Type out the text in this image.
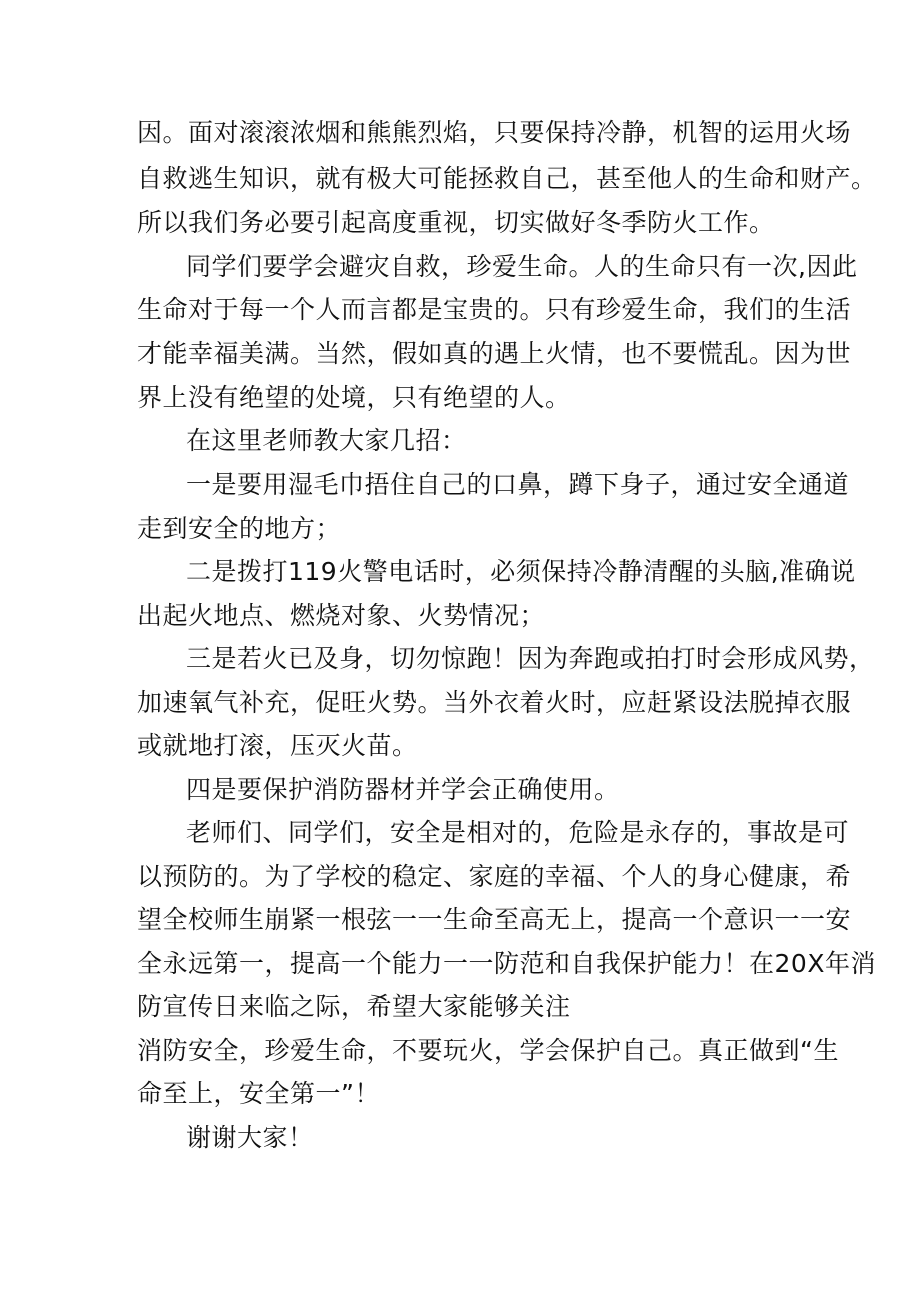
因。面对滚滚浓烟和熊熊烈焰，只要保持冷静，机智的运用火场
自救逃生知识，就有极大可能拯救自己，甚至他人的生命和财产。
所以我们务必要引起高度重视，切实做好冬季防火工作。
同学们要学会避灾自救，珍爱生命。人的生命只有一次,因此
生命对于每一个人而言都是宝贵的。只有珍爱生命，我们的生活
才能幸福美满。当然，假如真的遇上火情，也不要慌乱。因为世
界上没有绝望的处境，只有绝望的人。
在这里老师教大家几招：
一是要用湿毛巾捂住自己的口鼻，蹲下身子，通过安全通道
走到安全的地方；
二是拨打119火警电话时，必须保持冷静清醒的头脑,准确说
出起火地点、燃烧对象、火势情况；
三是若火已及身，切勿惊跑！因为奔跑或拍打时会形成风势，
加速氧气补充，促旺火势。当外衣着火时，应赶紧设法脱掉衣服
或就地打滚，压灭火苗。
四是要保护消防器材并学会正确使用。
老师们、同学们，安全是相对的，危险是永存的，事故是可
以预防的。为了学校的稳定、家庭的幸福、个人的身心健康，希
望全校师生崩紧一根弦一一生命至高无上，提高一个意识一一安
全永远第一，提高一个能力一一防范和自我保护能力！在20X年消
防宣传日来临之际，希望大家能够关注
消防安全，珍爱生命，不要玩火，学会保护自己。真正做到“生
命至上，安全第一”！
谢谢大家！
